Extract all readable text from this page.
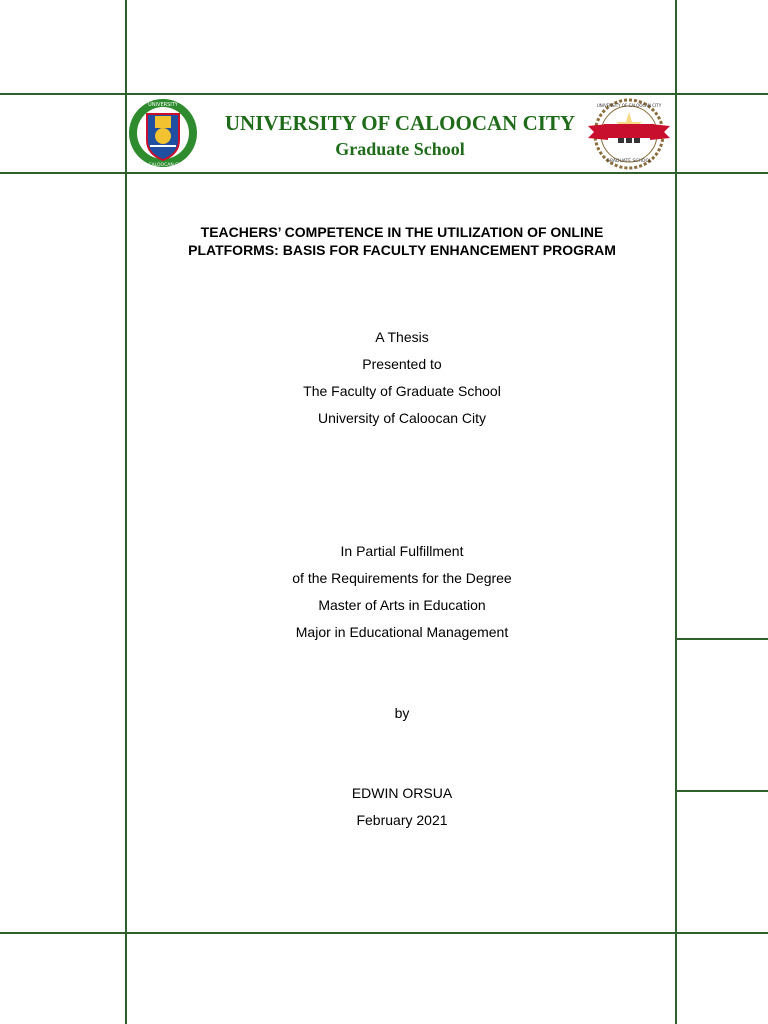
UNIVERSITY
OF CALOOCAN CITY
UNIVERSITY OF CALOOCAN CITY
Graduate School
UNIVERSITY OF CALOOCAN CITY
GRADUATE SCHOOL
TEACHERS’ COMPETENCE IN THE UTILIZATION OF ONLINE
PLATFORMS: BASIS FOR FACULTY ENHANCEMENT PROGRAM
A Thesis
Presented to
The Faculty of Graduate School
University of Caloocan City
In Partial Fulfillment
of the Requirements for the Degree
Master of Arts in Education
Major in Educational Management
by
EDWIN ORSUA
February 2021
